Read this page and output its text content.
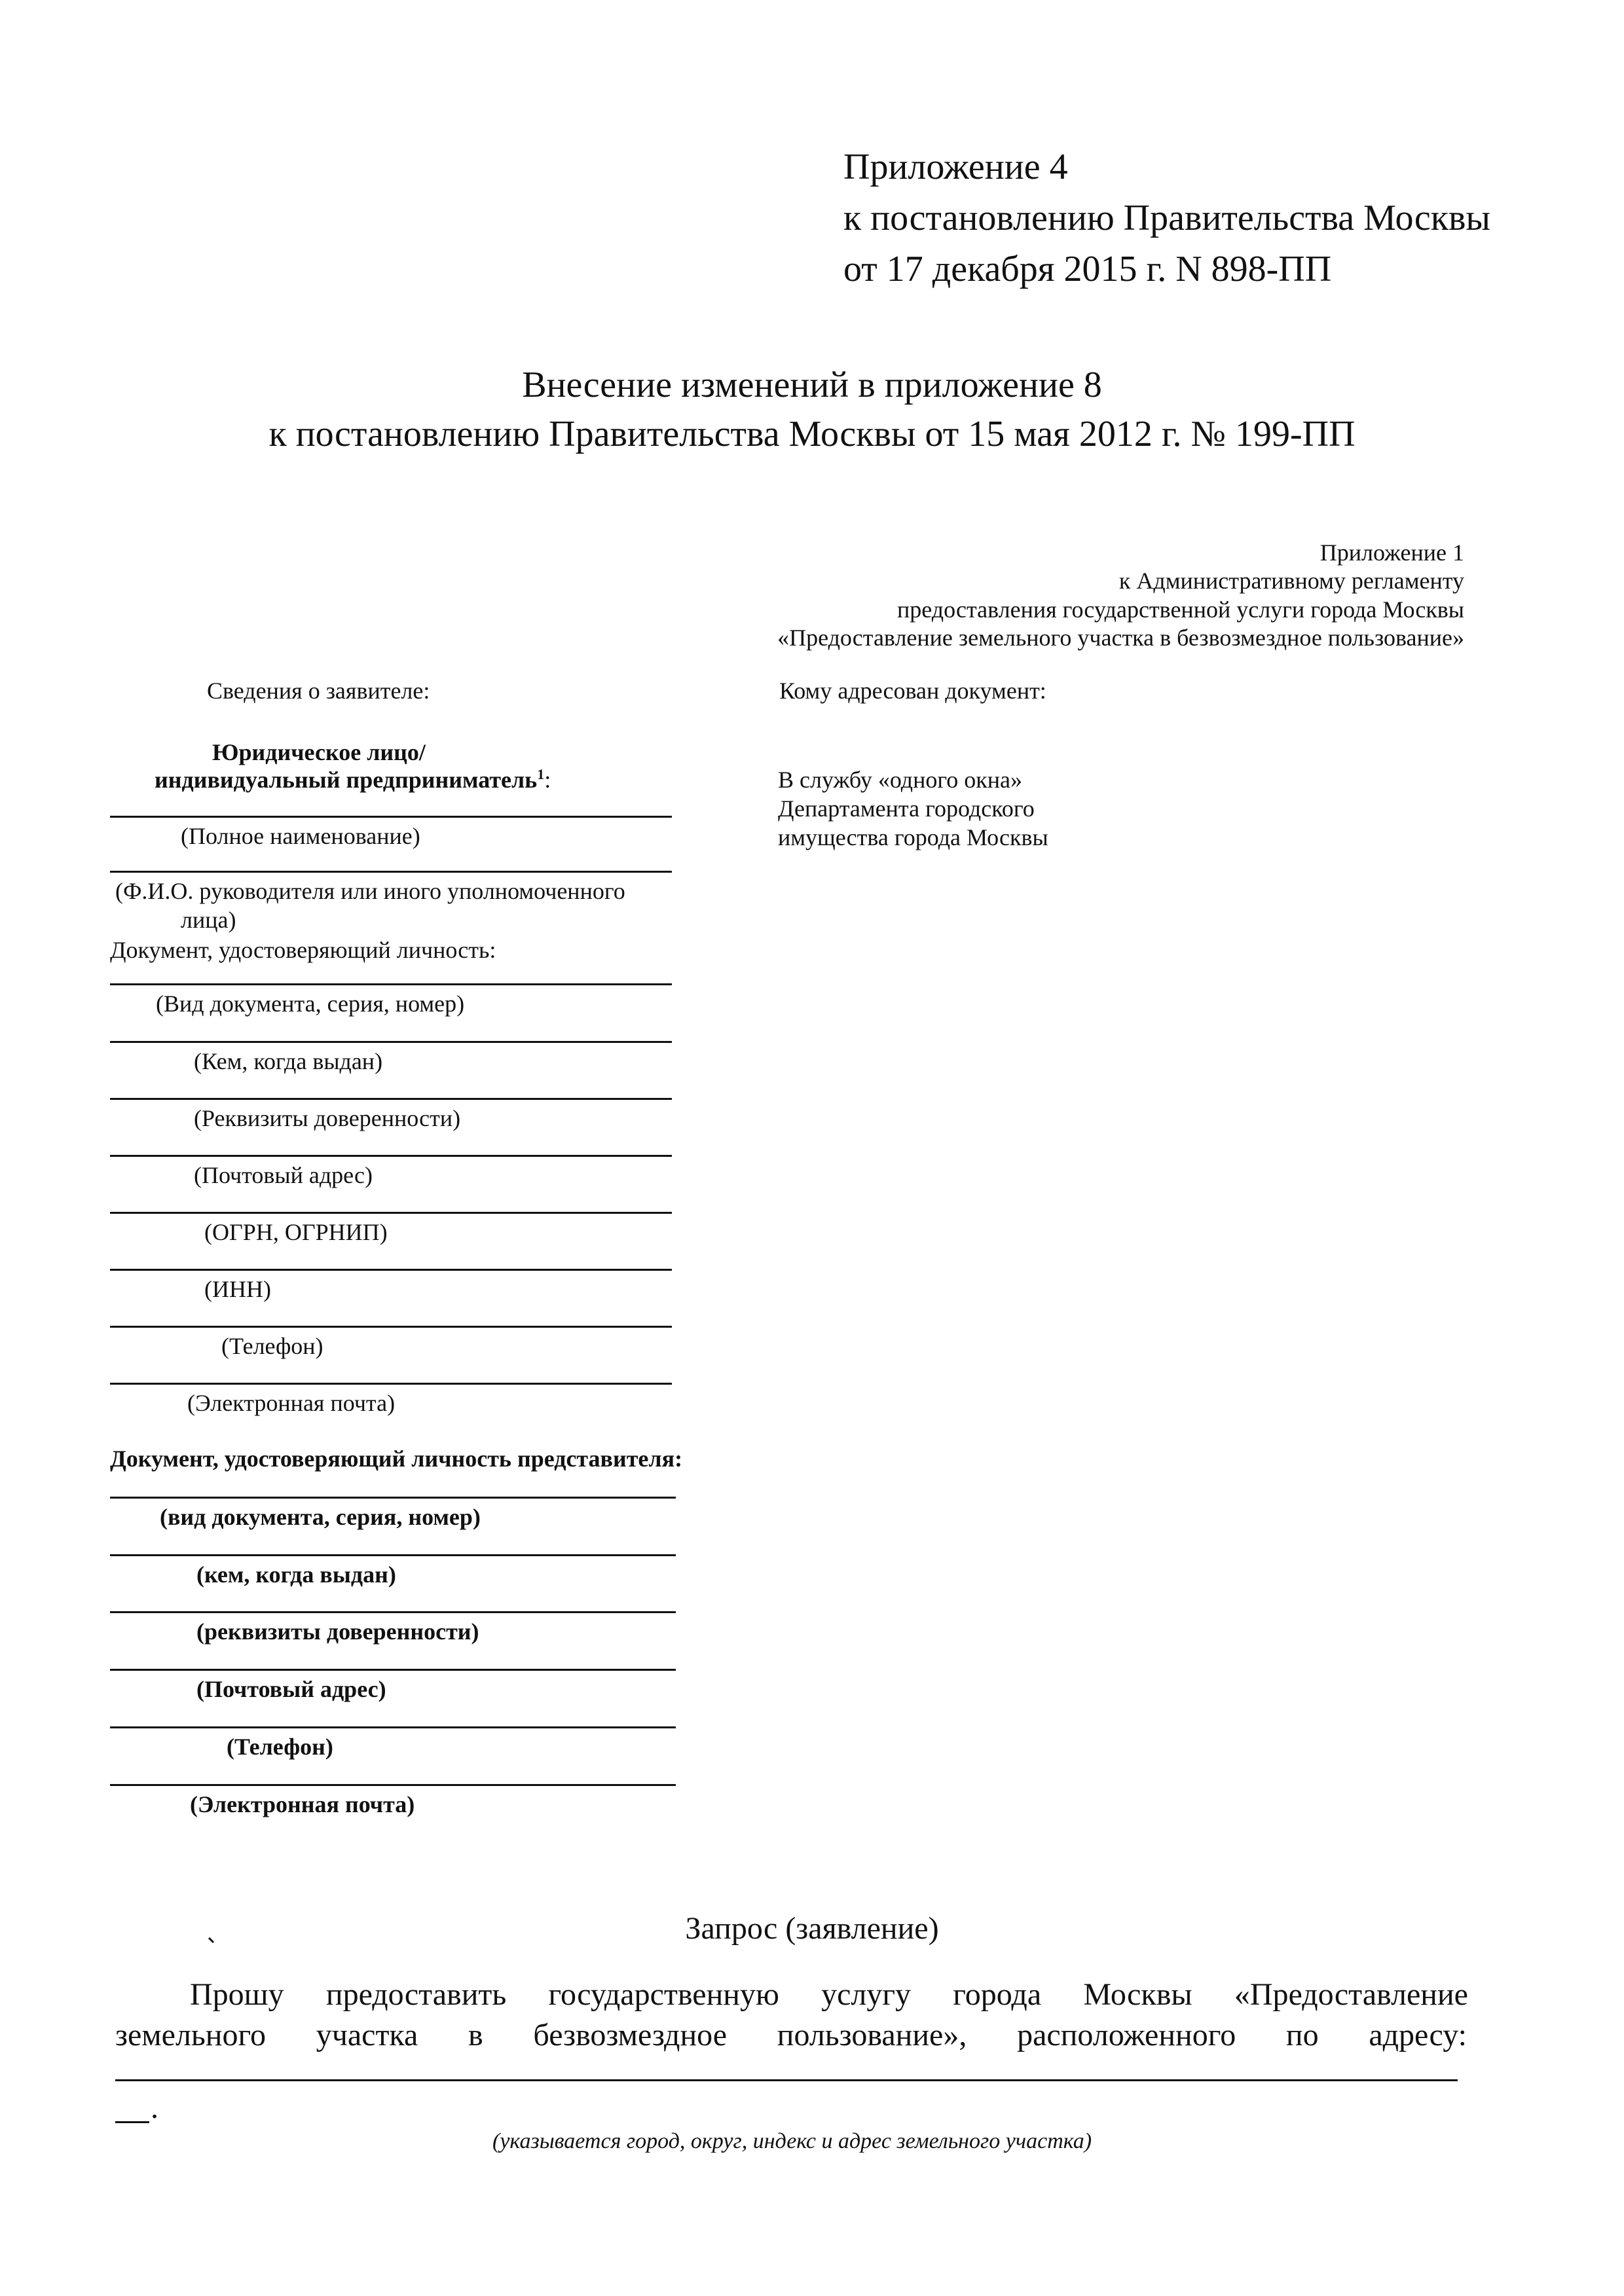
Приложение 4
к постановлению Правительства Москвы
от 17 декабря 2015 г. N 898-ПП
Внесение изменений в приложение 8
к постановлению Правительства Москвы от 15 мая 2012 г. № 199-ПП
Приложение 1
к Административному регламенту
предоставления государственной услуги города Москвы
«Предоставление земельного участка в безвозмездное пользование»
Сведения о заявителе:
Юридическое лицо/
индивидуальный предприниматель$^1$:
(Полное наименование)
(Ф.И.О. руководителя или иного уполномоченного
лица)
Документ, удостоверяющий личность:
(Вид документа, серия, номер)
(Кем, когда выдан)
(Реквизиты доверенности)
(Почтовый адрес)
(ОГРН, ОГРНИП)
(ИНН)
(Телефон)
(Электронная почта)
Документ, удостоверяющий личность представителя:
(вид документа, серия, номер)
(кем, когда выдан)
(реквизиты доверенности)
(Почтовый адрес)
(Телефон)
(Электронная почта)
Кому адресован документ:
В службу «одного окна»
Департамента городского
имущества города Москвы
Запрос (заявление)
Прошу предоставить государственную услугу города Москвы «Предоставление
земельного участка в безвозмездное пользование», расположенного по адресу:
.
(указывается город, округ, индекс и адрес земельного участка)
